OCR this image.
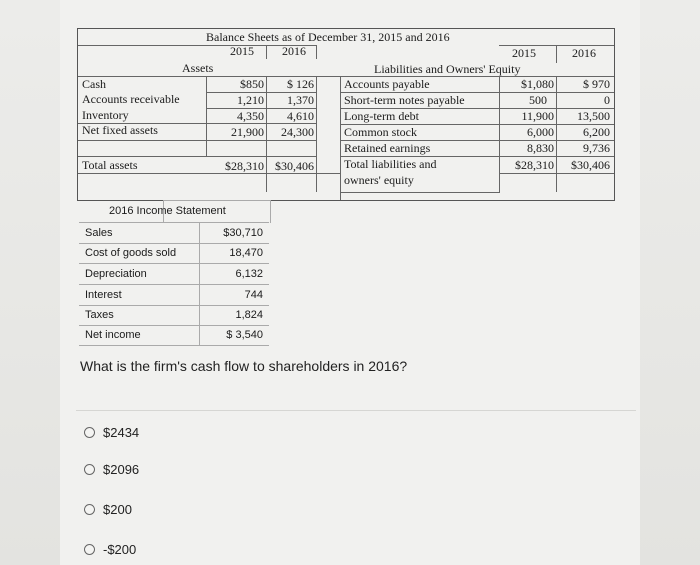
Balance Sheets as of December 31, 2015 and 2016
2015 2016
Assets
2015	2016
Liabilities and Owners' Equity
Cash	$850	$ 126
Accounts receivable	1,210	1,370
Inventory	4,350	4,610
Net fixed assets	21,900	24,300
Total assets	$28,310 $30,406
Accounts payable	$1,080	$ 970
Short-term notes payable	500	0
Long-term debt	11,900	13,500
Common stock	6,000	6,200
Retained earnings	8,830	9,736
Total liabilities and
owners' equity
$28,310	$30,406
2016 Income Statement
Sales	$30,710
Cost of goods sold	18,470
Depreciation	6,132
Interest	744
Taxes	1,824
Net income	$ 3,540
What is the firm's cash flow to shareholders in 2016?
$2434
$2096
$200
-$200
